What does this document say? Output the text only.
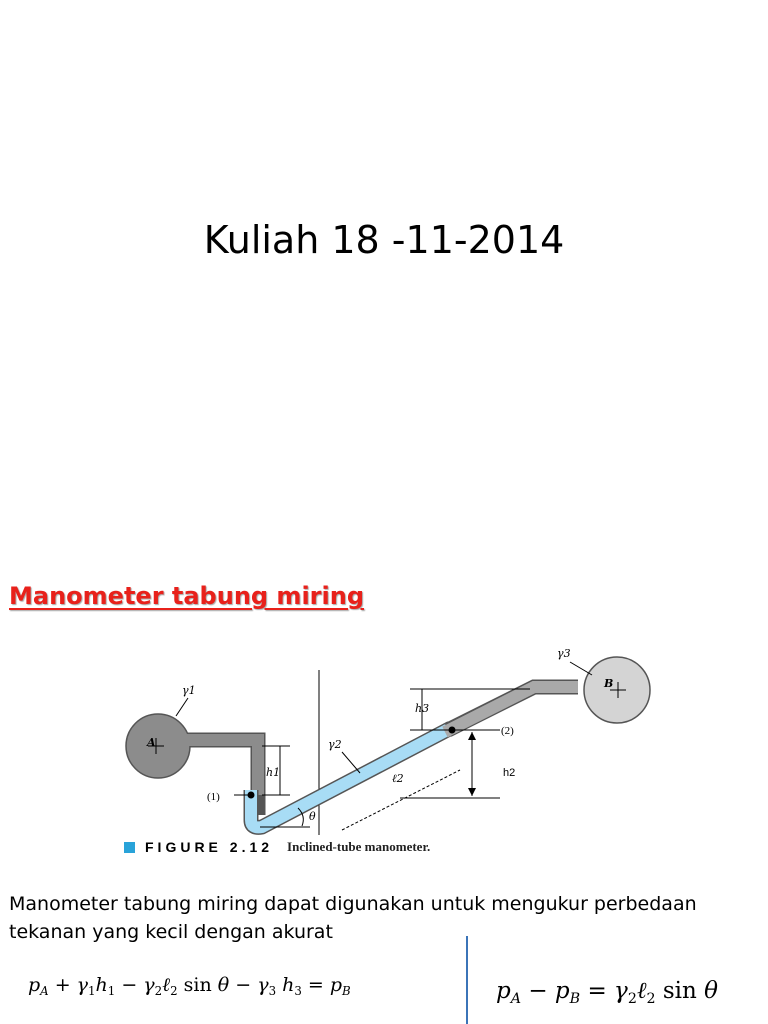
Kuliah 18 -11-2014
Manometer tabung miring
γ1
γ2
γ3
A
B
h1
h3
h2
ℓ2
θ
(1)
(2)
FIGURE 2.12 Inclined-tube manometer.
Manometer tabung miring dapat digunakan untuk mengukur perbedaan tekanan yang kecil dengan akurat
$p_A + \gamma_1h_1$ − $\gamma_2\ell_2$ $\sin \theta - \gamma_3$ $h_3 = p_B$	$p_A - p_B$ = $\gamma_2\ell_2$ sin θ
